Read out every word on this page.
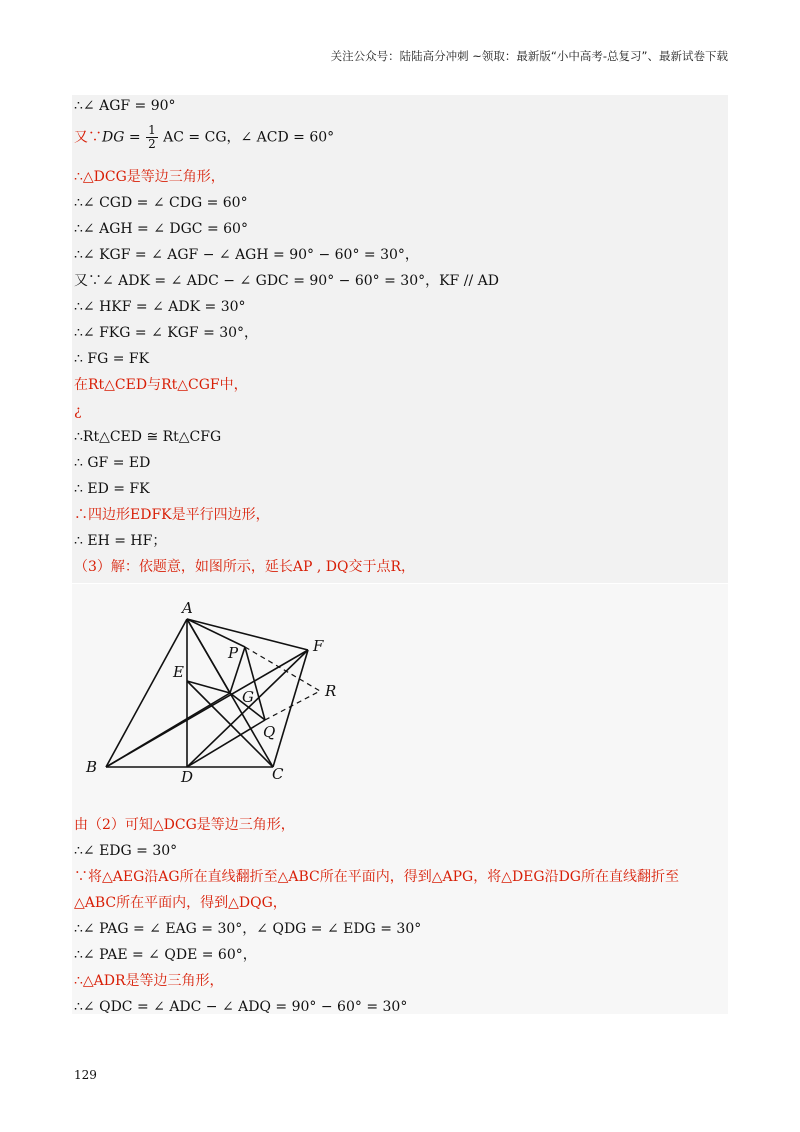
关注公众号：陆陆高分冲刺 ~领取：最新版“小中高考-总复习”、最新试卷下载
∴∠ AGF = 90°
又∵DG = $\frac{1}{2}$ AC = CG，∠ ACD = 60°
∴△DCG是等边三角形，
∴∠ CGD = ∠ CDG = 60°
∴∠ AGH = ∠ DGC = 60°
∴∠ KGF = ∠ AGF − ∠ AGH = 90° − 60° = 30°，
又∵∠ ADK = ∠ ADC − ∠ GDC = 90° − 60° = 30°，KF // AD
∴∠ HKF = ∠ ADK = 30°
∴∠ FKG = ∠ KGF = 30°，
∴ FG = FK
在Rt△CED与Rt△CGF中，
¿
∴Rt△CED ≅ Rt△CFG
∴ GF = ED
∴ ED = FK
∴四边形EDFK是平行四边形，
∴ EH = HF；
（3）解：依题意，如图所示，延长AP , DQ交于点R，
A
B	C
D
E
F
G
P
Q
R
由（2）可知△DCG是等边三角形，
∴∠ EDG = 30°
∵将△AEG沿AG所在直线翻折至△ABC所在平面内，得到△APG，将△DEG沿DG所在直线翻折至
△ABC所在平面内，得到△DQG，
∴∠ PAG = ∠ EAG = 30°，∠ QDG = ∠ EDG = 30°
∴∠ PAE = ∠ QDE = 60°，
∴△ADR是等边三角形，
∴∠ QDC = ∠ ADC − ∠ ADQ = 90° − 60° = 30°
129
